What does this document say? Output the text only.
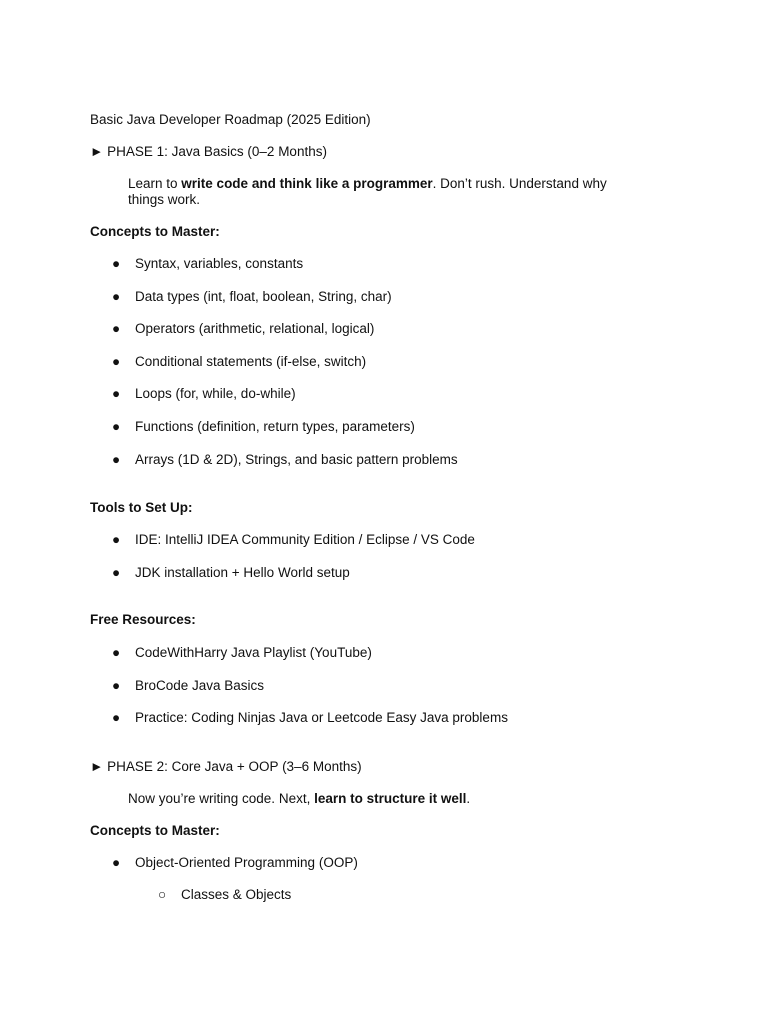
Basic Java Developer Roadmap (2025 Edition)
► PHASE 1: Java Basics (0–2 Months)
Learn to write code and think like a programmer. Don’t rush. Understand why things work.
Concepts to Master:
● Syntax, variables, constants
● Data types (int, float, boolean, String, char)
● Operators (arithmetic, relational, logical)
● Conditional statements (if-else, switch)
● Loops (for, while, do-while)
● Functions (definition, return types, parameters)
● Arrays (1D & 2D), Strings, and basic pattern problems
Tools to Set Up:
● IDE: IntelliJ IDEA Community Edition / Eclipse / VS Code
● JDK installation + Hello World setup
Free Resources:
● CodeWithHarry Java Playlist (YouTube)
● BroCode Java Basics
● Practice: Coding Ninjas Java or Leetcode Easy Java problems
► PHASE 2: Core Java + OOP (3–6 Months)
Now you’re writing code. Next, learn to structure it well.
Concepts to Master:
● Object-Oriented Programming (OOP)
○ Classes & Objects
